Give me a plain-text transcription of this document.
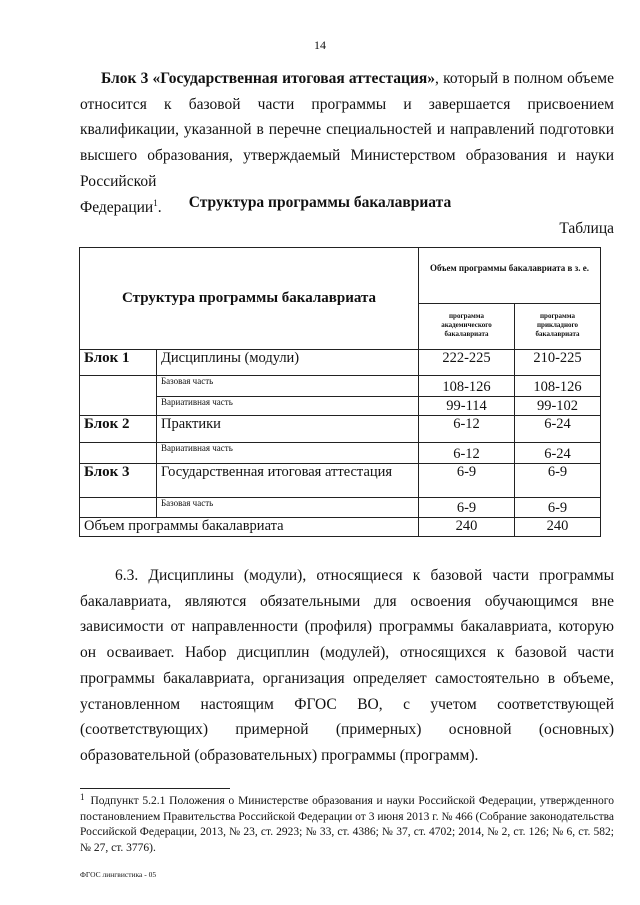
14

Блок 3 «Государственная итоговая аттестация», который в полном объеме относится к базовой части программы и завершается присвоением квалификации, указанной в перечне специальностей и направлений подготовки высшего образования, утверждаемый Министерством образования и науки Российской
Федерации$^1$.	Структура программы бакалавриата
Таблица
Структура программы бакалавриата		Объем программы бакалавриата в з. е.	
		программа академического бакалавриата	программа прикладного бакалавриата
Блок 1	Дисциплины (модули)	222-225	210-225
	Базовая часть	108-126	108-126
	Вариативная часть	99-114	99-102
Блок 2	Практики	6-12	6-24
	Вариативная часть	6-12	6-24
Блок 3	Государственная итоговая аттестация	6-9	6-9
	Базовая часть	6-9	6-9
Объем программы бакалавриата		240	240

6.3. Дисциплины (модули), относящиеся к базовой части программы бакалавриата, являются обязательными для освоения обучающимся вне зависимости от направленности (профиля) программы бакалавриата, которую он осваивает. Набор дисциплин (модулей), относящихся к базовой части программы бакалавриата, организация определяет самостоятельно в объеме, установленном настоящим ФГОС ВО, с учетом соответствующей (соответствующих) примерной (примерных) основной (основных) образовательной (образовательных) программы (программ).

$^1$ Подпункт 5.2.1 Положения о Министерстве образования и науки Российской Федерации, утвержденного постановлением Правительства Российской Федерации от 3 июня 2013 г. № 466 (Собрание законодательства Российской Федерации, 2013, № 23, ст. 2923; № 33, ст. 4386; № 37, ст. 4702; 2014, № 2, ст. 126; № 6, ст. 582; № 27, ст. 3776).

ФГОС лингвистика - 05
